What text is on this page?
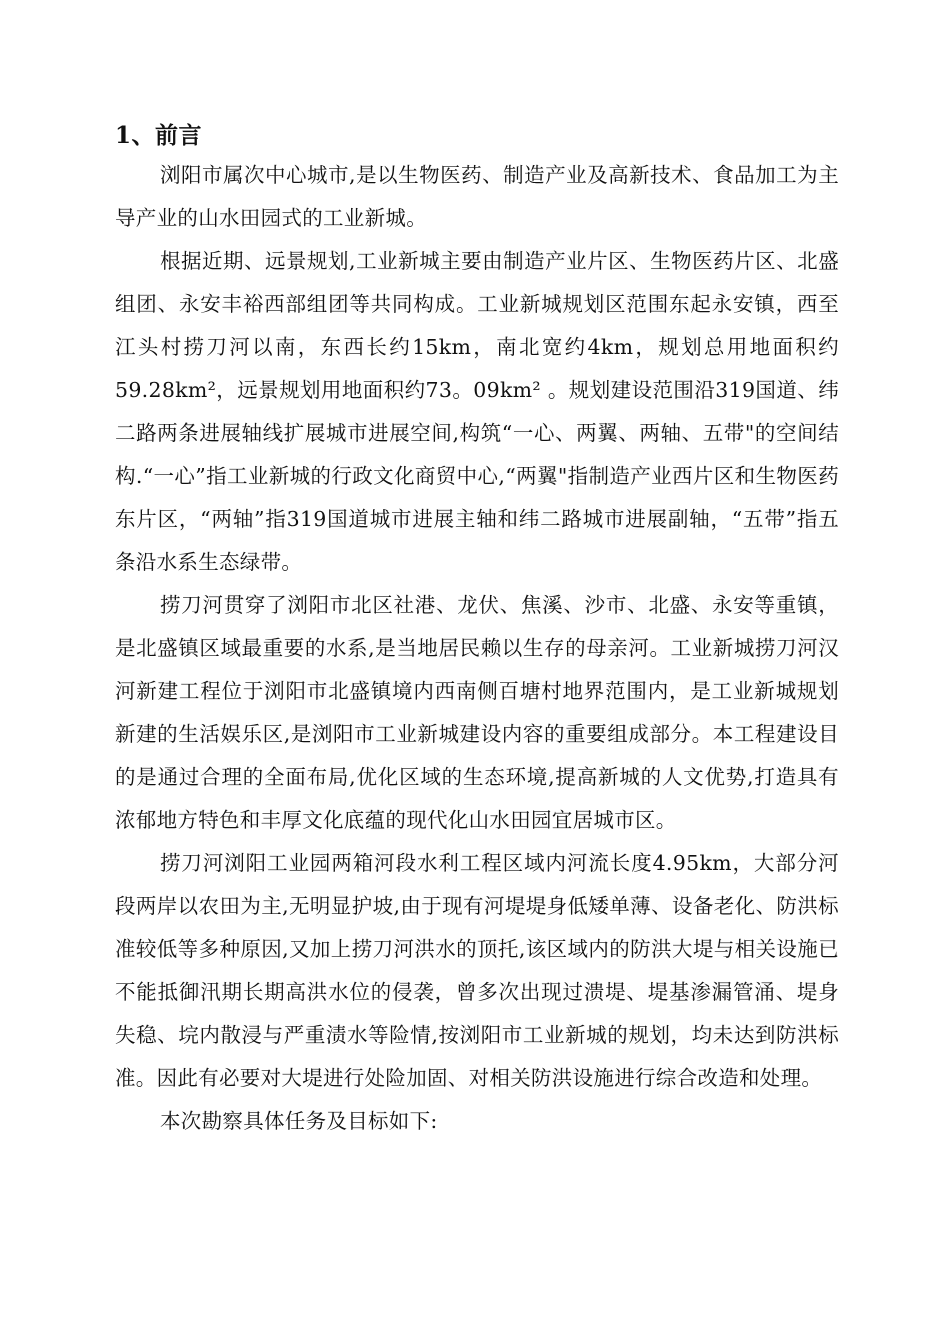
1、前言

浏阳市属次中心城市,是以生物医药、制造产业及高新技术、食品加工为主导产业的山水田园式的工业新城。

根据近期、远景规划,工业新城主要由制造产业片区、生物医药片区、北盛组团、永安丰裕西部组团等共同构成。工业新城规划区范围东起永安镇，西至江头村捞刀河以南，东西长约15km，南北宽约4km，规划总用地面积约59.28km²，远景规划用地面积约73。09km² 。规划建设范围沿319国道、纬二路两条进展轴线扩展城市进展空间,构筑“一心、两翼、两轴、五带"的空间结构.“一心”指工业新城的行政文化商贸中心,“两翼"指制造产业西片区和生物医药东片区，“两轴”指319国道城市进展主轴和纬二路城市进展副轴，“五带”指五条沿水系生态绿带。

捞刀河贯穿了浏阳市北区社港、龙伏、焦溪、沙市、北盛、永安等重镇，是北盛镇区域最重要的水系,是当地居民赖以生存的母亲河。工业新城捞刀河汉河新建工程位于浏阳市北盛镇境内西南侧百塘村地界范围内，是工业新城规划新建的生活娱乐区,是浏阳市工业新城建设内容的重要组成部分。本工程建设目的是通过合理的全面布局,优化区域的生态环境,提高新城的人文优势,打造具有浓郁地方特色和丰厚文化底蕴的现代化山水田园宜居城市区。

捞刀河浏阳工业园两箱河段水利工程区域内河流长度4.95km，大部分河段两岸以农田为主,无明显护坡,由于现有河堤堤身低矮单薄、设备老化、防洪标准较低等多种原因,又加上捞刀河洪水的顶托,该区域内的防洪大堤与相关设施已不能抵御汛期长期高洪水位的侵袭，曾多次出现过溃堤、堤基渗漏管涌、堤身失稳、垸内散浸与严重渍水等险情,按浏阳市工业新城的规划，均未达到防洪标准。因此有必要对大堤进行处险加固、对相关防洪设施进行综合改造和处理。

本次勘察具体任务及目标如下:
